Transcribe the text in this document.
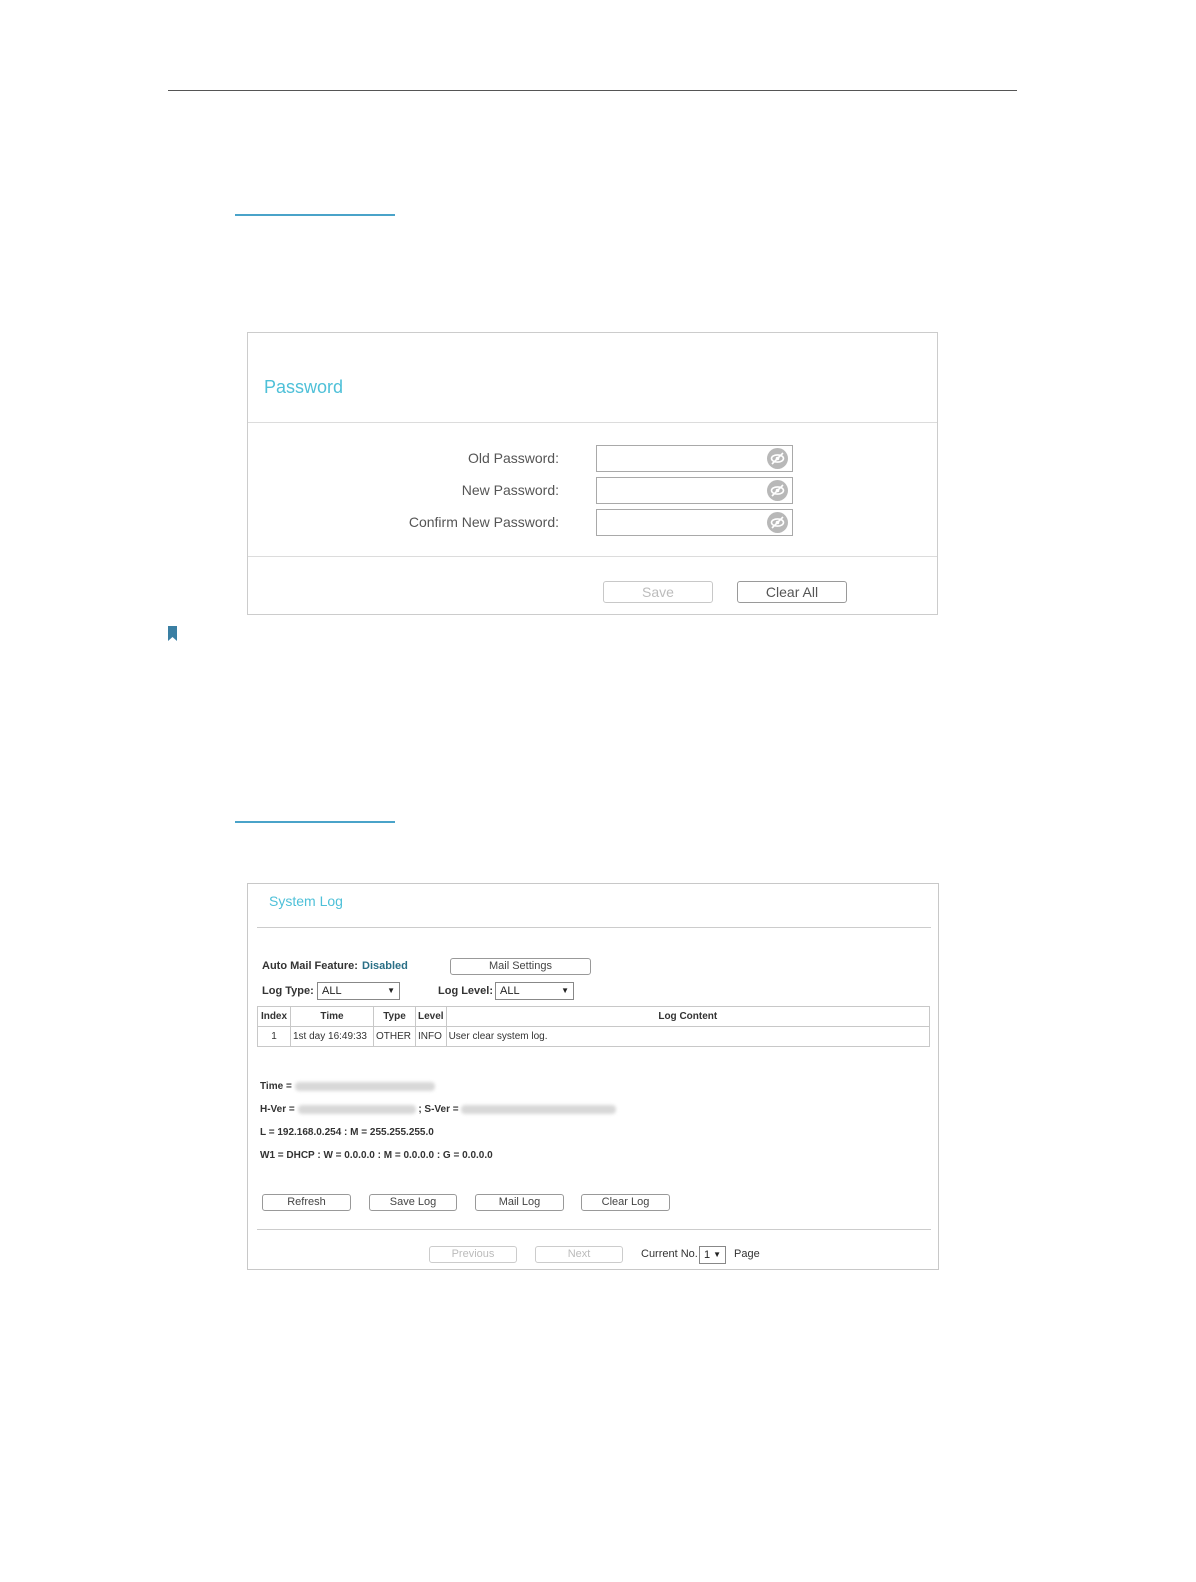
Password
Old Password:
New Password:
Confirm New Password:
Save	Clear All
System Log
Auto Mail Feature: Disabled	Mail Settings
Log Type: ALL	▼	Log Level: ALL	▼
Index	Time	Type	Level	Log Content
1	1st day 16:49:33	OTHER	INFO	User clear system log.
Time =
H-Ver =	; S-Ver =
L = 192.168.0.254 : M = 255.255.255.0
W1 = DHCP : W = 0.0.0.0 : M = 0.0.0.0 : G = 0.0.0.0
Refresh	Save Log	Mail Log	Clear Log
Previous	Next	Current No. 1 ▼ Page
